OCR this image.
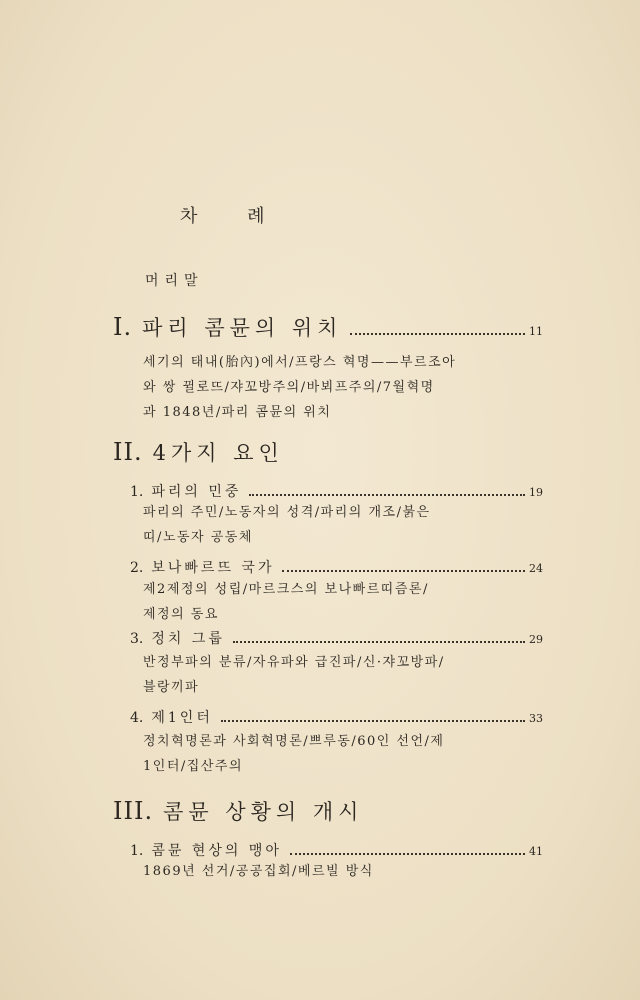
차 례
머리말
I. 파리 콤뮨의 위치	11

세기의 태내(胎內)에서/프랑스 혁명——부르조아
와 쌍 뀔로뜨/쟈꼬방주의/바뵈프주의/7월혁명
과 1848년/파리 콤뮨의 위치

II. 4가지 요인
1. 파리의 민중	19

파리의 주민/노동자의 성격/파리의 개조/붉은
띠/노동자 공동체

2. 보나빠르뜨 국가	24

제2제정의 성립/마르크스의 보나빠르띠즘론/
제정의 동요

3. 정치 그룹	29

반정부파의 분류/자유파와 급진파/신·쟈꼬방파/
블랑끼파

4. 제1인터	33

정치혁명론과 사회혁명론/쁘루동/60인 선언/제
1인터/집산주의

III. 콤뮨 상황의 개시
1. 콤뮨 현상의 맹아	41

1869년 선거/공공집회/베르빌 방식
